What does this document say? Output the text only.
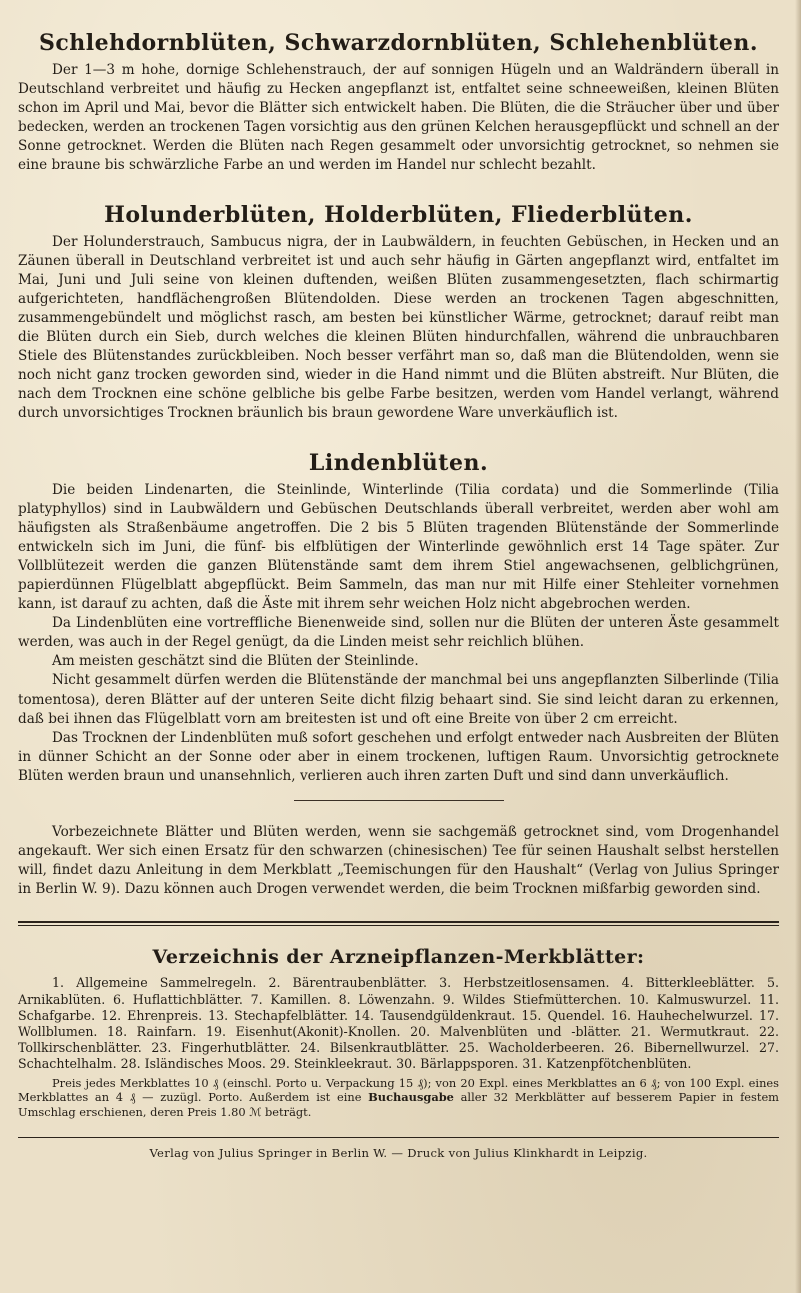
Schlehdornblüten, Schwarzdornblüten, Schlehenblüten.

Der 1—3 m hohe, dornige Schlehenstrauch, der auf sonnigen Hügeln und an Waldrändern überall in Deutschland verbreitet und häufig zu Hecken angepflanzt ist, entfaltet seine schneeweißen, kleinen Blüten schon im April und Mai, bevor die Blätter sich entwickelt haben. Die Blüten, die die Sträucher über und über bedecken, werden an trockenen Tagen vorsichtig aus den grünen Kelchen herausgepflückt und schnell an der Sonne getrocknet. Werden die Blüten nach Regen gesammelt oder unvorsichtig getrocknet, so nehmen sie eine braune bis schwärzliche Farbe an und werden im Handel nur schlecht bezahlt.

Holunderblüten, Holderblüten, Fliederblüten.

Der Holunderstrauch, Sambucus nigra, der in Laubwäldern, in feuchten Gebüschen, in Hecken und an Zäunen überall in Deutschland verbreitet ist und auch sehr häufig in Gärten angepflanzt wird, entfaltet im Mai, Juni und Juli seine von kleinen duftenden, weißen Blüten zusammengesetzten, flach schirmartig aufgerichteten, handflächengroßen Blütendolden. Diese werden an trockenen Tagen abgeschnitten, zusammengebündelt und möglichst rasch, am besten bei künstlicher Wärme, getrocknet; darauf reibt man die Blüten durch ein Sieb, durch welches die kleinen Blüten hindurchfallen, während die unbrauchbaren Stiele des Blütenstandes zurückbleiben. Noch besser verfährt man so, daß man die Blütendolden, wenn sie noch nicht ganz trocken geworden sind, wieder in die Hand nimmt und die Blüten abstreift. Nur Blüten, die nach dem Trocknen eine schöne gelbliche bis gelbe Farbe besitzen, werden vom Handel verlangt, während durch unvorsichtiges Trocknen bräunlich bis braun gewordene Ware unverkäuflich ist.

Lindenblüten.

Die beiden Lindenarten, die Steinlinde, Winterlinde (Tilia cordata) und die Sommerlinde (Tilia platyphyllos) sind in Laubwäldern und Gebüschen Deutschlands überall verbreitet, werden aber wohl am häufigsten als Straßenbäume angetroffen. Die 2 bis 5 Blüten tragenden Blütenstände der Sommerlinde entwickeln sich im Juni, die fünf- bis elfblütigen der Winterlinde gewöhnlich erst 14 Tage später. Zur Vollblütezeit werden die ganzen Blütenstände samt dem ihrem Stiel angewachsenen, gelblichgrünen, papierdünnen Flügelblatt abgepflückt. Beim Sammeln, das man nur mit Hilfe einer Stehleiter vornehmen kann, ist darauf zu achten, daß die Äste mit ihrem sehr weichen Holz nicht abgebrochen werden.

Da Lindenblüten eine vortreffliche Bienenweide sind, sollen nur die Blüten der unteren Äste gesammelt werden, was auch in der Regel genügt, da die Linden meist sehr reichlich blühen.

Am meisten geschätzt sind die Blüten der Steinlinde.

Nicht gesammelt dürfen werden die Blütenstände der manchmal bei uns angepflanzten Silberlinde (Tilia tomentosa), deren Blätter auf der unteren Seite dicht filzig behaart sind. Sie sind leicht daran zu erkennen, daß bei ihnen das Flügelblatt vorn am breitesten ist und oft eine Breite von über 2 cm erreicht.

Das Trocknen der Lindenblüten muß sofort geschehen und erfolgt entweder nach Ausbreiten der Blüten in dünner Schicht an der Sonne oder aber in einem trockenen, luftigen Raum. Unvorsichtig getrocknete Blüten werden braun und unansehnlich, verlieren auch ihren zarten Duft und sind dann unverkäuflich.

Vorbezeichnete Blätter und Blüten werden, wenn sie sachgemäß getrocknet sind, vom Drogenhandel angekauft. Wer sich einen Ersatz für den schwarzen (chinesischen) Tee für seinen Haushalt selbst herstellen will, findet dazu Anleitung in dem Merkblatt „Teemischungen für den Haushalt“ (Verlag von Julius Springer in Berlin W. 9). Dazu können auch Drogen verwendet werden, die beim Trocknen mißfarbig geworden sind.

Verzeichnis der Arzneipflanzen-Merkblätter:

1. Allgemeine Sammelregeln. 2. Bärentraubenblätter. 3. Herbstzeitlosensamen. 4. Bitterkleeblätter. 5. Arnikablüten. 6. Huflattichblätter. 7. Kamillen. 8. Löwenzahn. 9. Wildes Stiefmütterchen. 10. Kalmuswurzel. 11. Schafgarbe. 12. Ehrenpreis. 13. Stechapfelblätter. 14. Tausendgüldenkraut. 15. Quendel. 16. Hauhechelwurzel. 17. Wollblumen. 18. Rainfarn. 19. Eisenhut(Akonit)-Knollen. 20. Malvenblüten und -blätter. 21. Wermutkraut. 22. Tollkirschenblätter. 23. Fingerhutblätter. 24. Bilsenkrautblätter. 25. Wacholderbeeren. 26. Bibernellwurzel. 27. Schachtelhalm. 28. Isländisches Moos. 29. Steinkleekraut. 30. Bärlappsporen. 31. Katzenpfötchenblüten.

Preis jedes Merkblattes 10 ₰ (einschl. Porto u. Verpackung 15 ₰); von 20 Expl. eines Merkblattes an 6 ₰; von 100 Expl. eines Merkblattes an 4 ₰ — zuzügl. Porto. Außerdem ist eine Buchausgabe aller 32 Merkblätter auf besserem Papier in festem Umschlag erschienen, deren Preis 1.80 ℳ beträgt.

Verlag von Julius Springer in Berlin W. — Druck von Julius Klinkhardt in Leipzig.
